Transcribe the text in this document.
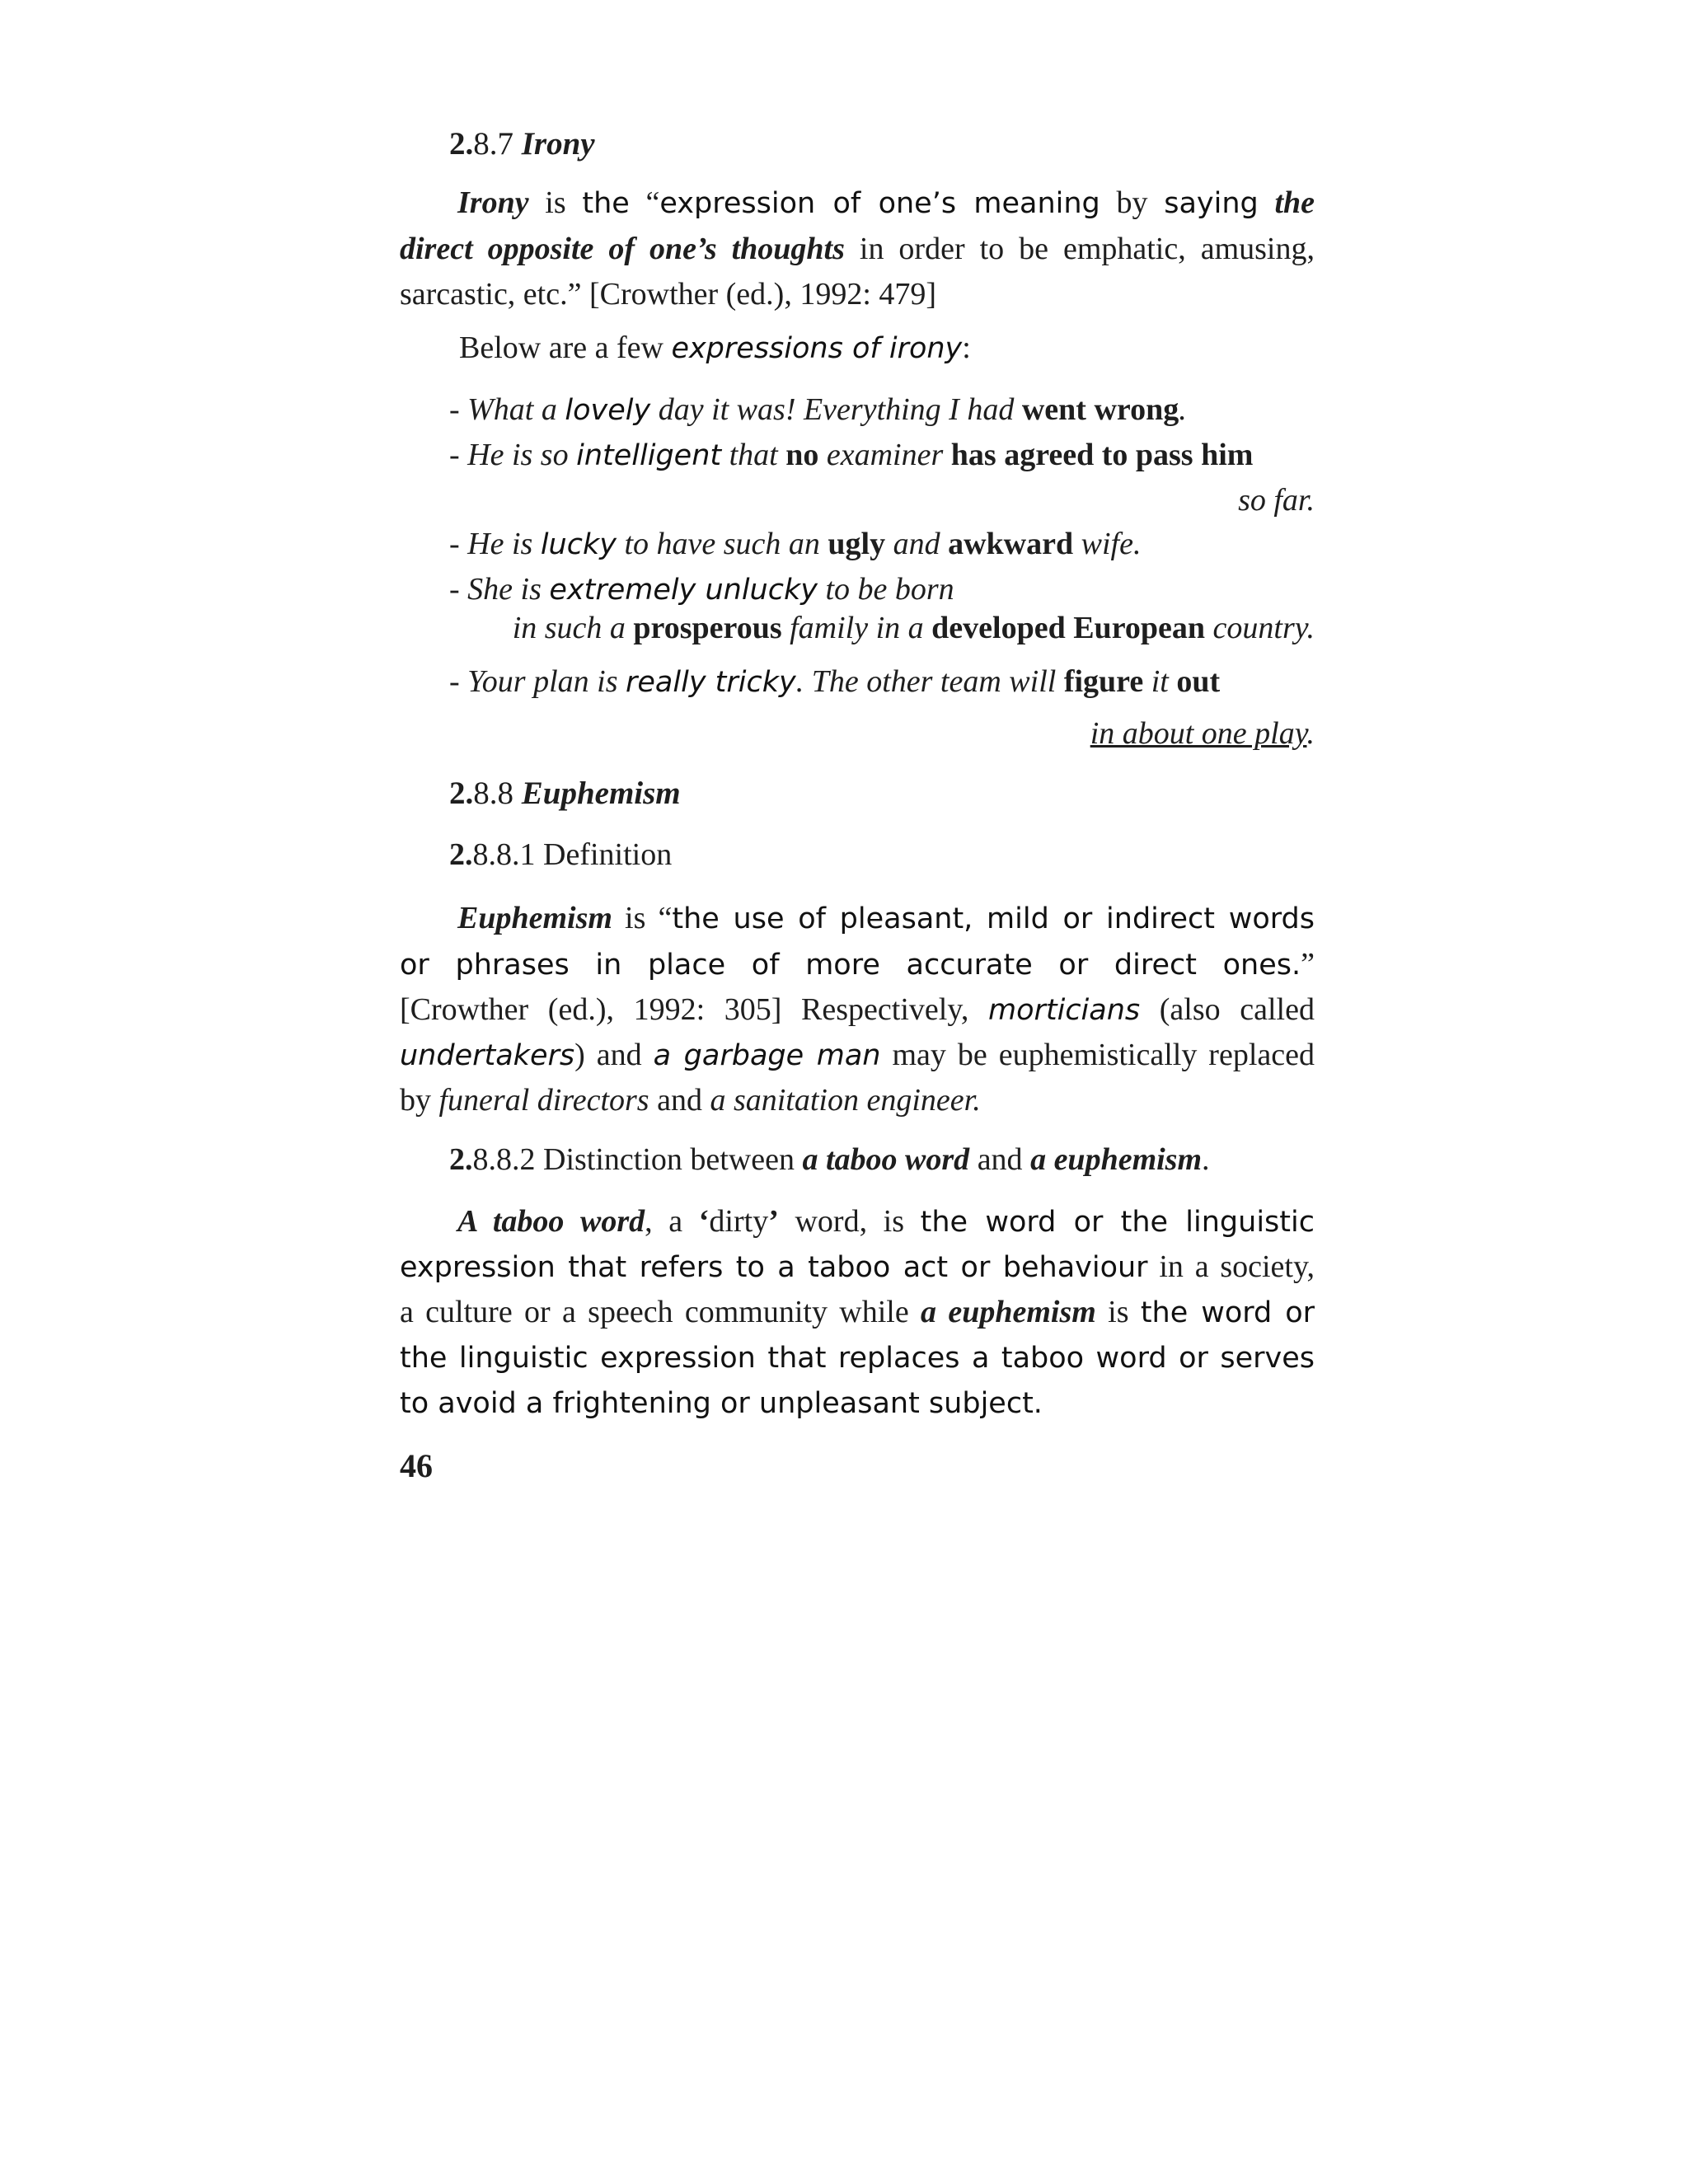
2.8.7 Irony
Irony is the “expression of one’s meaning by saying the
direct opposite of one’s thoughts in order to be emphatic, amusing,
sarcastic, etc.” [Crowther (ed.), 1992: 479]
Below are a few expressions of irony:
- What a lovely day it was! Everything I had went wrong.
- He is so intelligent that no examiner has agreed to pass him
so far.
- He is lucky to have such an ugly and awkward wife.
- She is extremely unlucky to be born
in such a prosperous family in a developed European country.
- Your plan is really tricky. The other team will figure it out
in about one play.
2.8.8 Euphemism
2.8.8.1 Definition
Euphemism is “the use of pleasant, mild or indirect words
or phrases in place of more accurate or direct ones.”
[Crowther (ed.), 1992: 305] Respectively, morticians (also called
undertakers) and a garbage man may be euphemistically replaced
by funeral directors and a sanitation engineer.
2.8.8.2 Distinction between a taboo word and a euphemism.
A taboo word, a ‘dirty’ word, is the word or the linguistic
expression that refers to a taboo act or behaviour in a society,
a culture or a speech community while a euphemism is the word or
the linguistic expression that replaces a taboo word or serves
to avoid a frightening or unpleasant subject.
46
